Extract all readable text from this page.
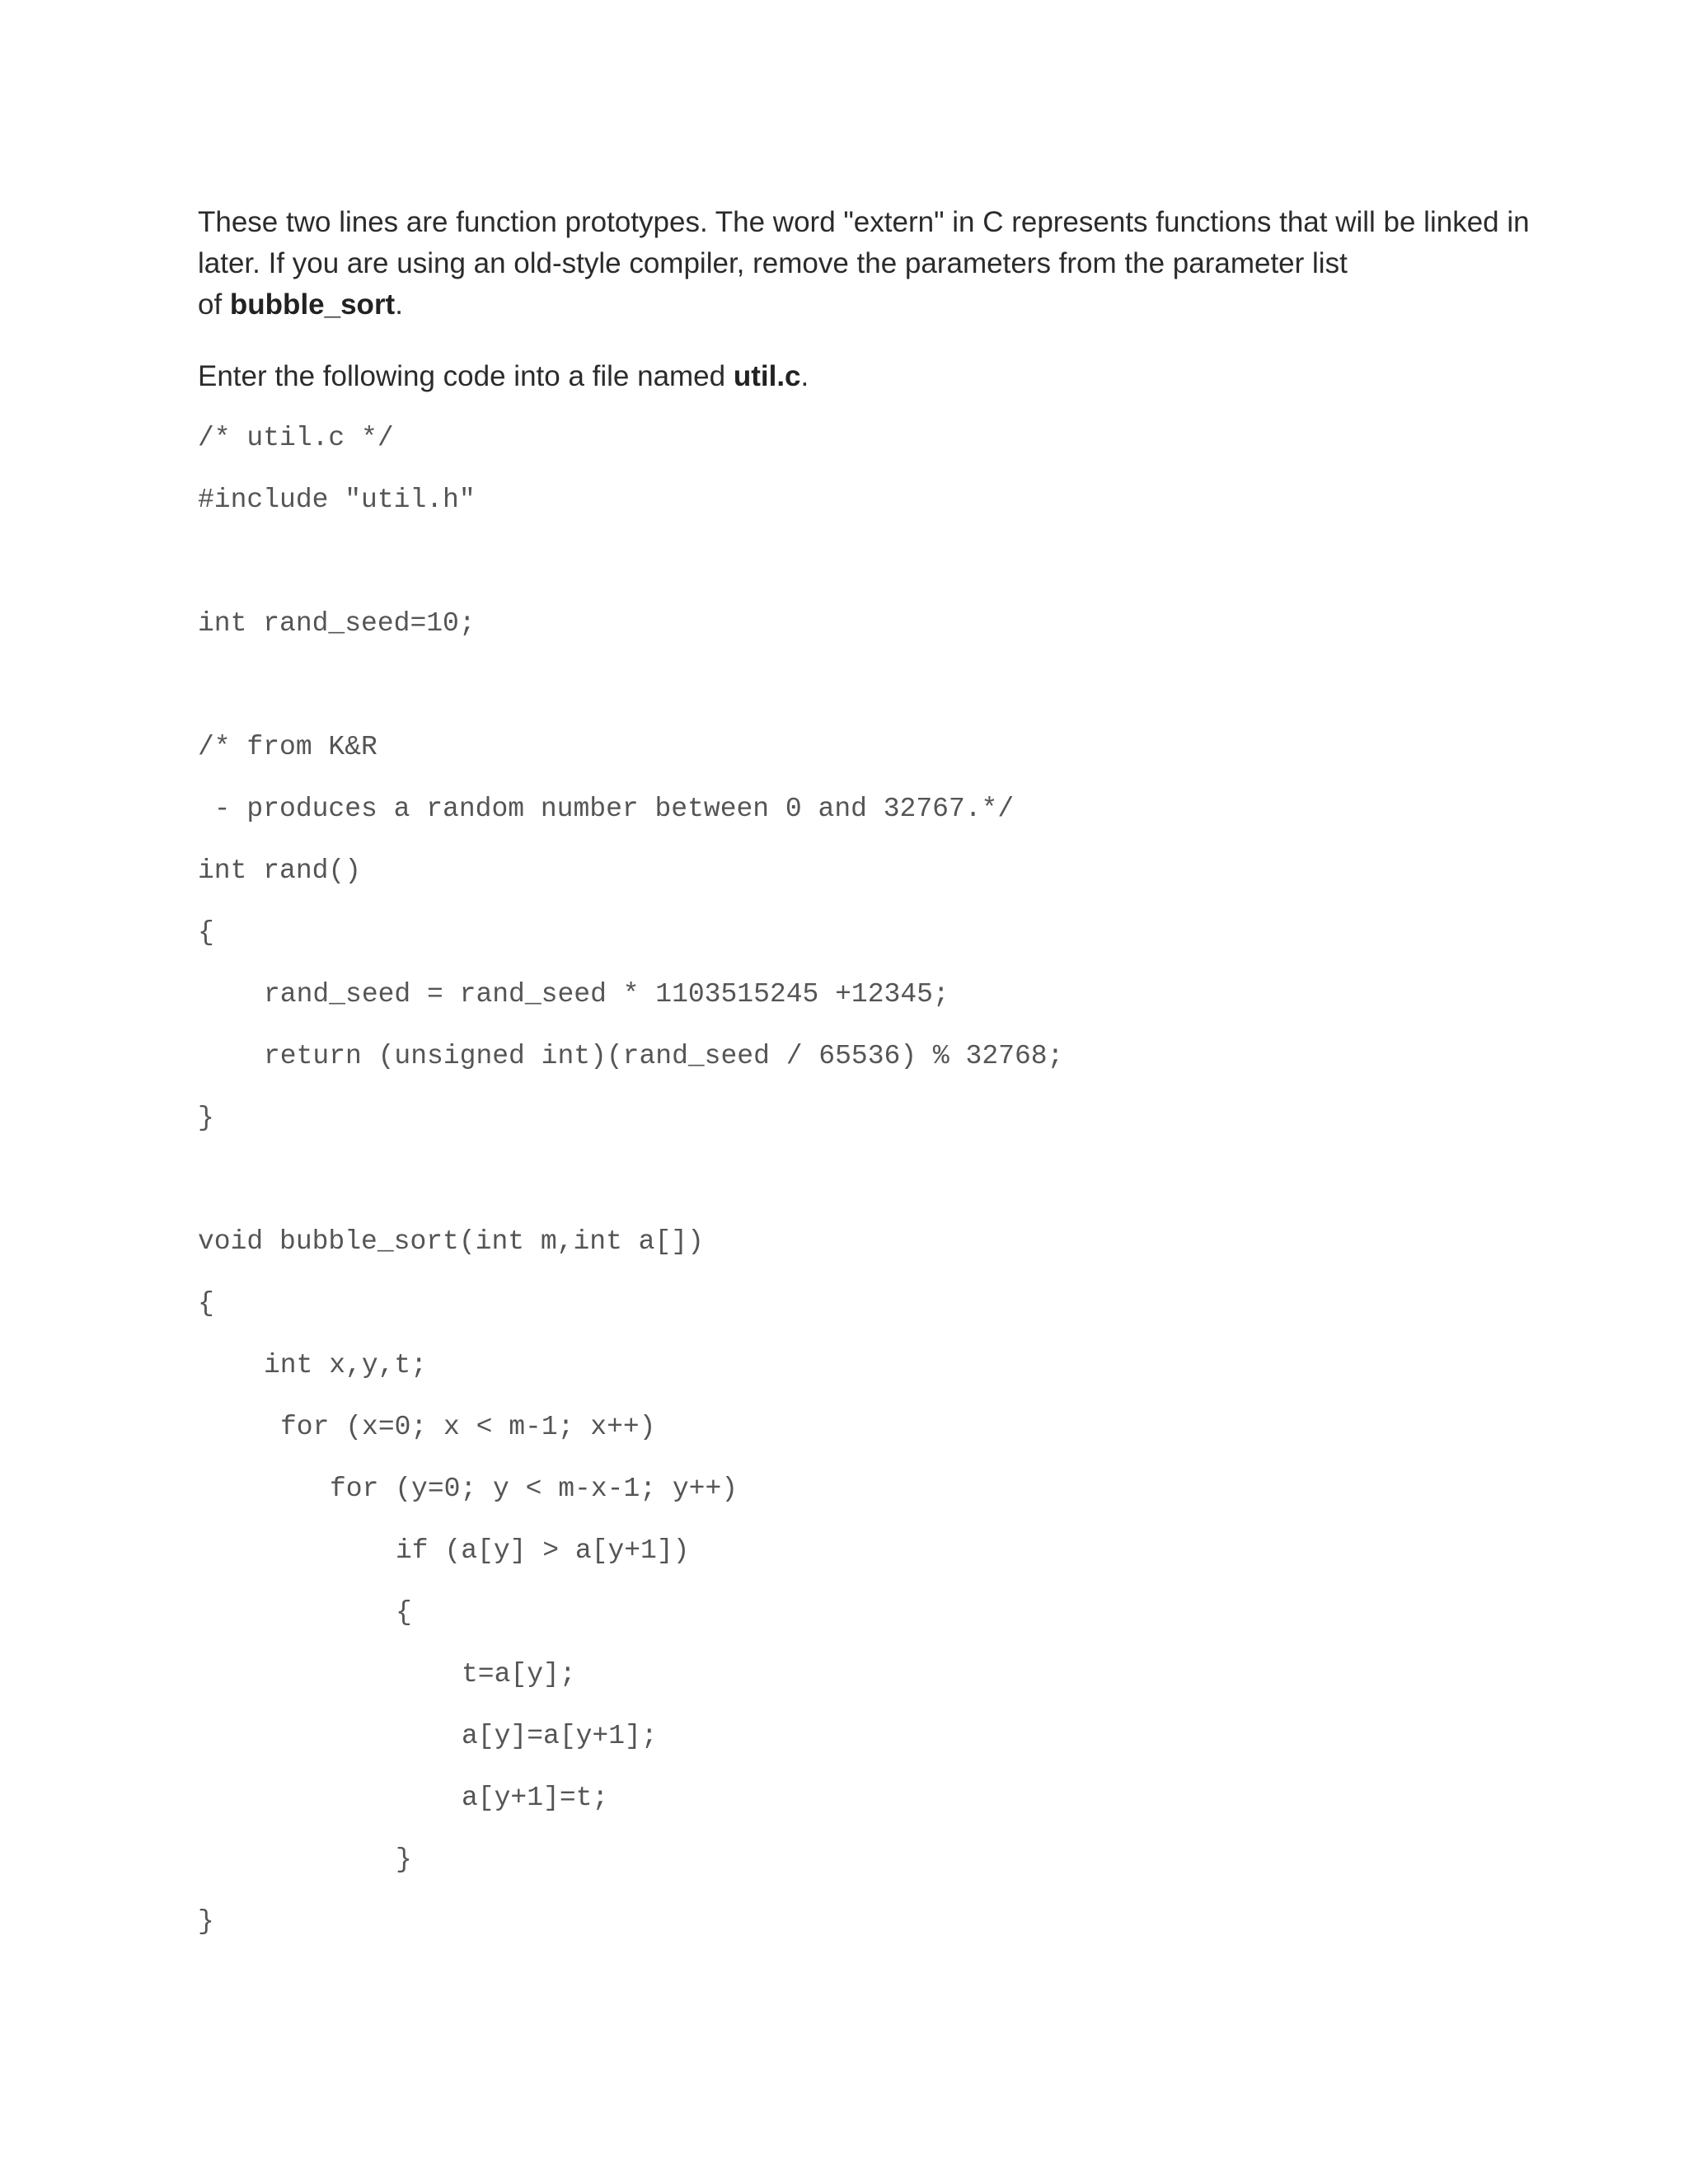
These two lines are function prototypes. The word "extern" in C represents functions that will be linked in

later. If you are using an old-style compiler, remove the parameters from the parameter list

of bubble_sort.

Enter the following code into a file named util.c.

/* util.c */
#include "util.h"
int rand_seed=10;
/* from K&R
- produces a random number between 0 and 32767.*/
int rand()
{
rand_seed = rand_seed * 1103515245 +12345;
return (unsigned int)(rand_seed / 65536) % 32768;
}
void bubble_sort(int m,int a[])
{
int x,y,t;
for (x=0; x < m-1; x++)
for (y=0; y < m-x-1; y++)
if (a[y] > a[y+1])
{
t=a[y];
a[y]=a[y+1];
a[y+1]=t;
}
}
